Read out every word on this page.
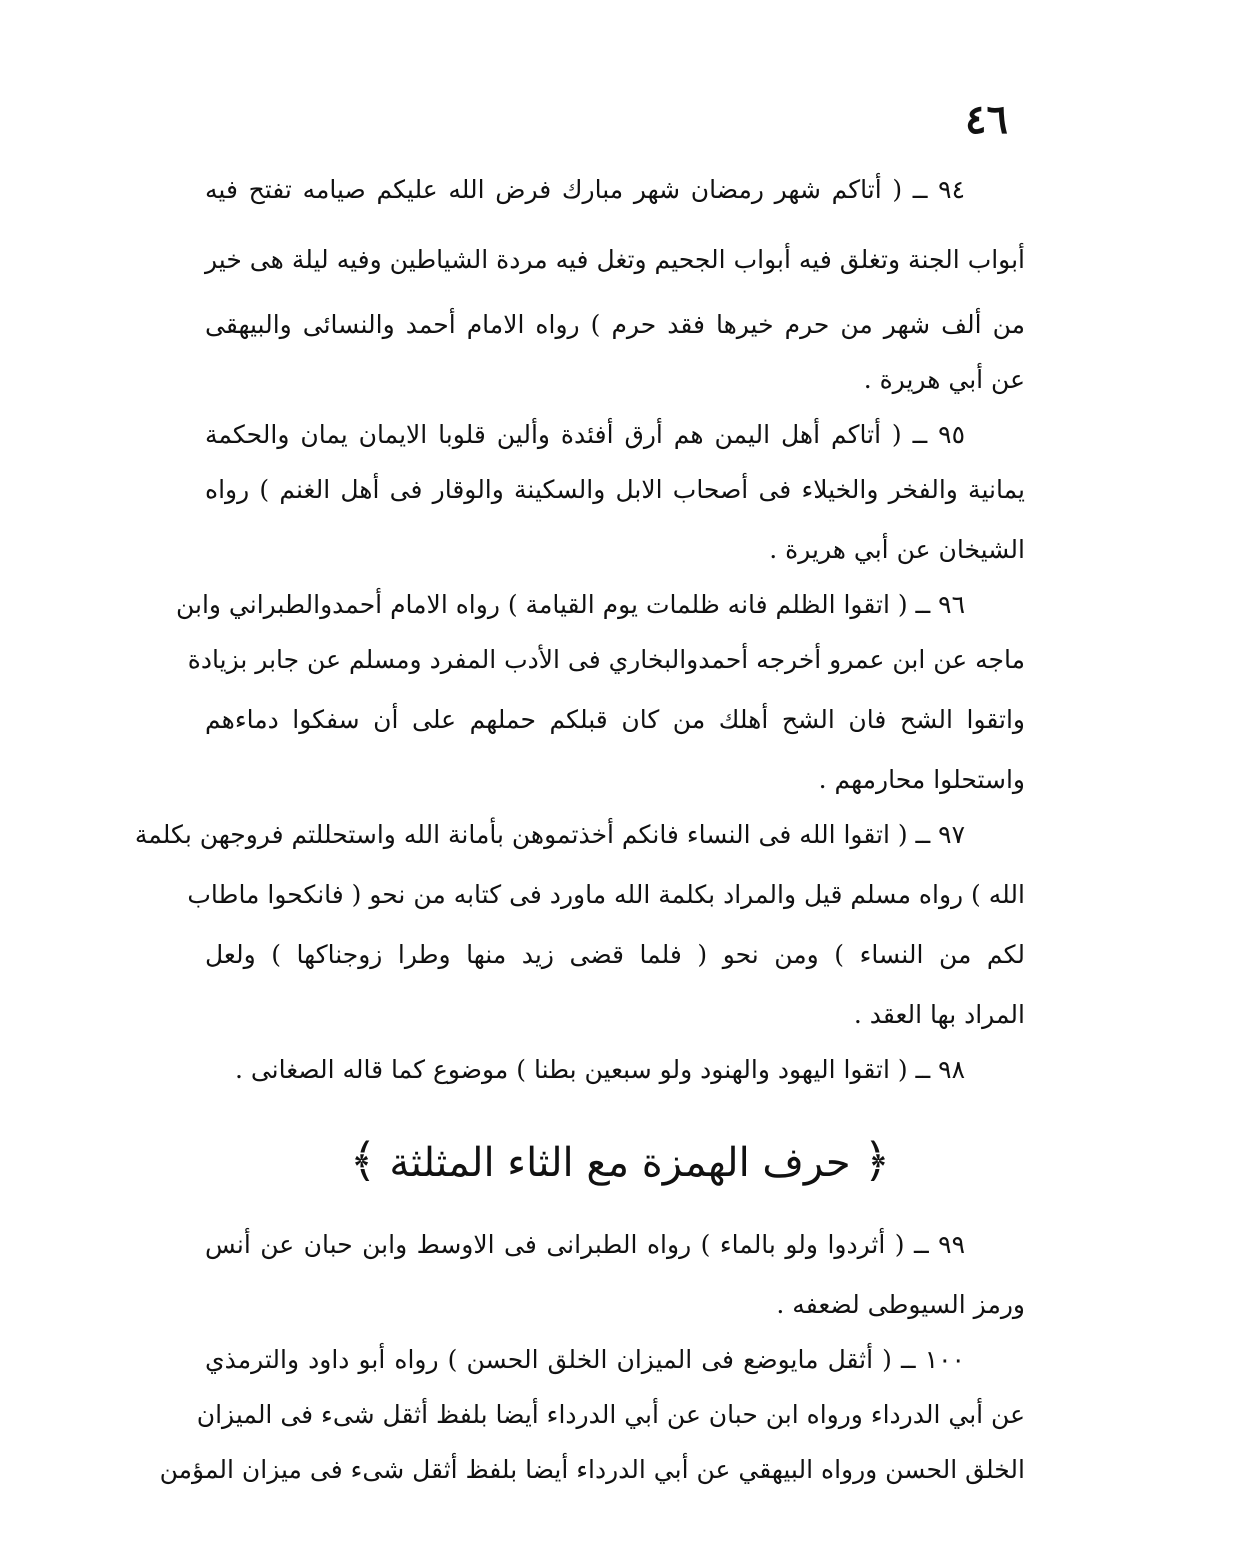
٤٦
٩٤ ــ ( أتاكم شهر رمضان شهر مبارك فرض الله عليكم صيامه تفتح فيه
أبواب الجنة وتغلق فيه أبواب الجحيم وتغل فيه مردة الشياطين وفيه ليلة هى خير
من ألف شهر من حرم خيرها فقد حرم ) رواه الامام أحمد والنسائى والبيهقى
عن أبي هريرة .
٩٥ ــ ( أتاكم أهل اليمن هم أرق أفئدة وألين قلوبا الايمان يمان والحكمة
يمانية والفخر والخيلاء فى أصحاب الابل والسكينة والوقار فى أهل الغنم ) رواه
الشيخان عن أبي هريرة .
٩٦ ــ ( اتقوا الظلم فانه ظلمات يوم القيامة ) رواه الامام أحمدوالطبراني وابن
ماجه عن ابن عمرو أخرجه أحمدوالبخاري فى الأدب المفرد ومسلم عن جابر بزيادة
واتقوا الشح فان الشح أهلك من كان قبلكم حملهم على أن سفكوا دماءهم
واستحلوا محارمهم .
٩٧ ــ ( اتقوا الله فى النساء فانكم أخذتموهن بأمانة الله واستحللتم فروجهن بكلمة
الله ) رواه مسلم قيل والمراد بكلمة الله ماورد فى كتابه من نحو ( فانكحوا ماطاب
لكم من النساء ) ومن نحو ( فلما قضى زيد منها وطرا زوجناكها ) ولعل
المراد بها العقد .
٩٨ ــ ( اتقوا اليهود والهنود ولو سبعين بطنا ) موضوع كما قاله الصغانى .
﴿ حرف الهمزة مع الثاء المثلثة ﴾
٩٩ ــ ( أثردوا ولو بالماء ) رواه الطبرانى فى الاوسط وابن حبان عن أنس
ورمز السيوطى لضعفه .
١٠٠ ــ ( أثقل مايوضع فى الميزان الخلق الحسن ) رواه أبو داود والترمذي
عن أبي الدرداء ورواه ابن حبان عن أبي الدرداء أيضا بلفظ أثقل شىء فى الميزان
الخلق الحسن ورواه البيهقي عن أبي الدرداء أيضا بلفظ أثقل شىء فى ميزان المؤمن
